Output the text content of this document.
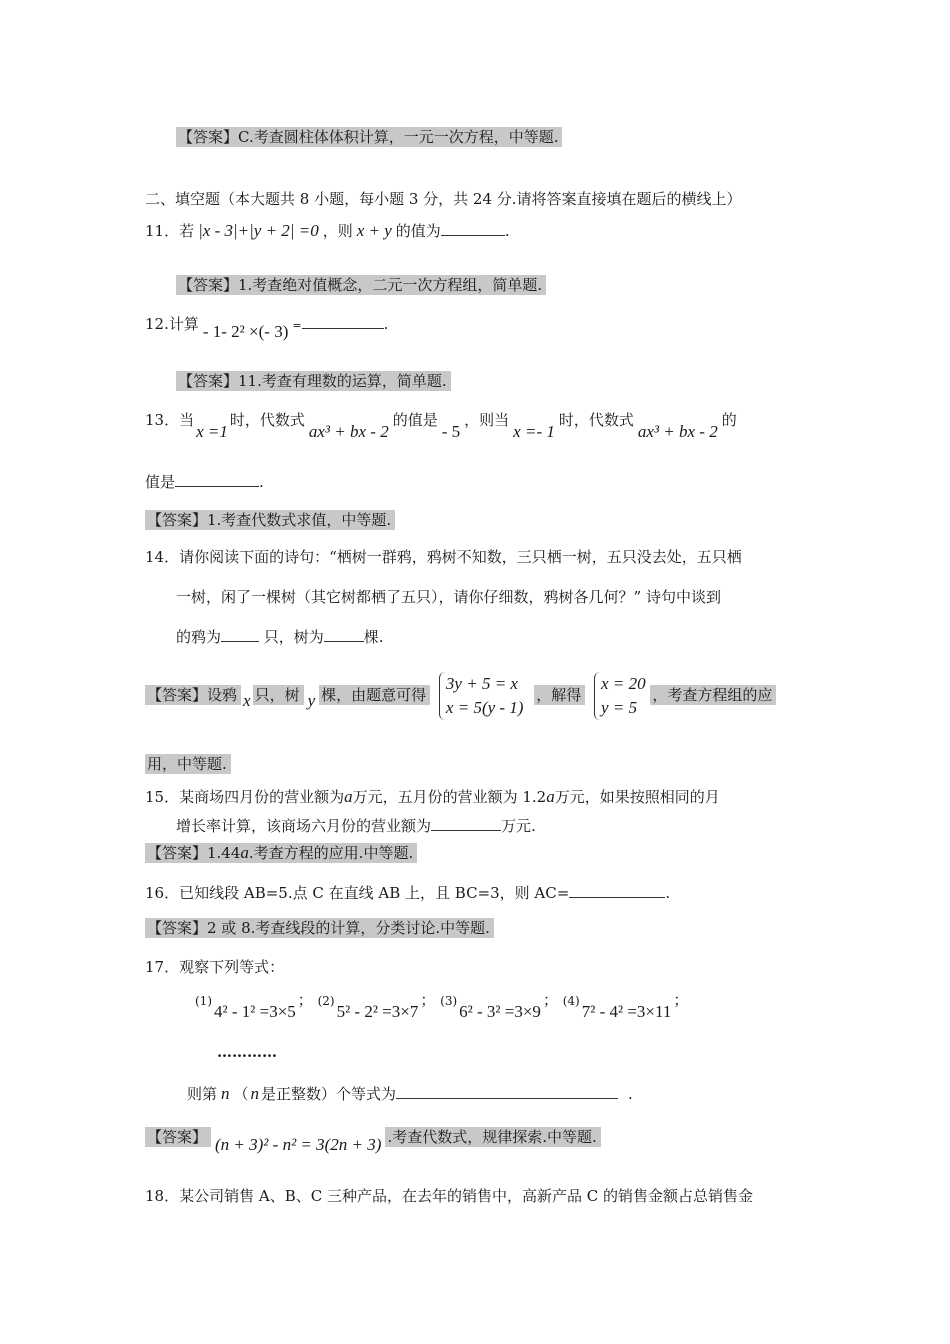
【答案】C.考查圆柱体体积计算，一元一次方程，中等题.
二、填空题（本大题共 8 小题，每小题 3 分，共 24 分.请将答案直接填在题后的横线上）
11．若 |x - 3|+|y + 2| =0 ，则 x + y 的值为	.
【答案】1.考查绝对值概念，二元一次方程组，简单题.
12.计算 - 1- 2² ×(- 3) =	.
【答案】11.考查有理数的运算，简单题.
13．当x =1时，代数式ax³ + bx - 2的值是- 5，则当x =- 1时，代数式ax³ + bx - 2的
值是	.
【答案】1.考查代数式求值，中等题.
14．请你阅读下面的诗句：“栖树一群鸦，鸦树不知数，三只栖一树，五只没去处，五只栖
一树，闲了一棵树（其它树都栖了五只），请你仔细数，鸦树各几何？” 诗句中谈到
的鸦为	只，树为	棵.
【答案】设鸦 x 只，树 y 棵，由题意可得
3y + 5 = x
x = 5(y - 1)
，解得
x = 20
y = 5
，考查方程组的应
用，中等题.
15．某商场四月份的营业额为a万元，五月份的营业额为 1.2a万元，如果按照相同的月
增长率计算，该商场六月份的营业额为	万元.
【答案】1.44a.考查方程的应用.中等题.
16．已知线段 AB=5.点 C 在直线 AB 上，且 BC=3，则 AC=	.
【答案】2 或 8.考查线段的计算，分类讨论.中等题.
17．观察下列等式：
(1)4² - 1² =3×5； (2)5² - 2² =3×7； (3)6² - 3² =3×9； (4)7² - 4² =3×11；
…………
则第 n （ n 是正整数）个等式为	.
【答案】 (n + 3)² - n² = 3(2n + 3) .考查代数式，规律探索.中等题.
18．某公司销售 A、B、C 三种产品，在去年的销售中，高新产品 C 的销售金额占总销售金
